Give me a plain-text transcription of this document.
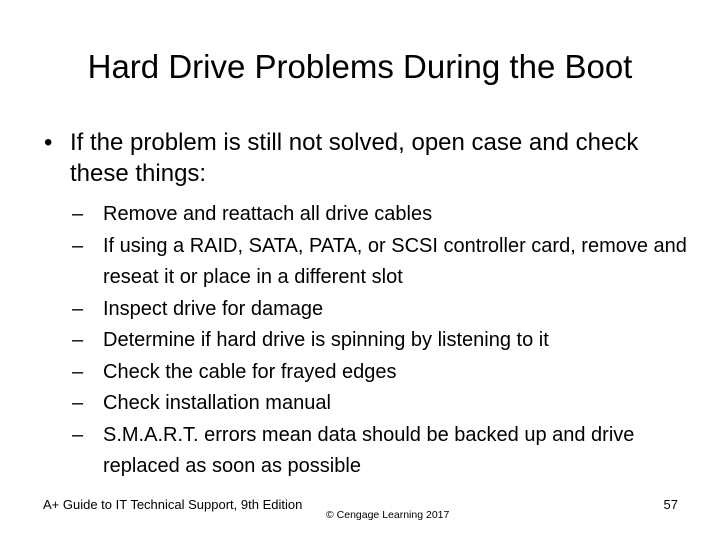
Hard Drive Problems During the Boot
• If the problem is still not solved, open case and check these things:
– Remove and reattach all drive cables
– If using a RAID, SATA, PATA, or SCSI controller card, remove and reseat it or place in a different slot
– Inspect drive for damage
– Determine if hard drive is spinning by listening to it
– Check the cable for frayed edges
– Check installation manual
– S.M.A.R.T. errors mean data should be backed up and drive replaced as soon as possible
A+ Guide to IT Technical Support, 9th Edition
© Cengage Learning 2017
57
